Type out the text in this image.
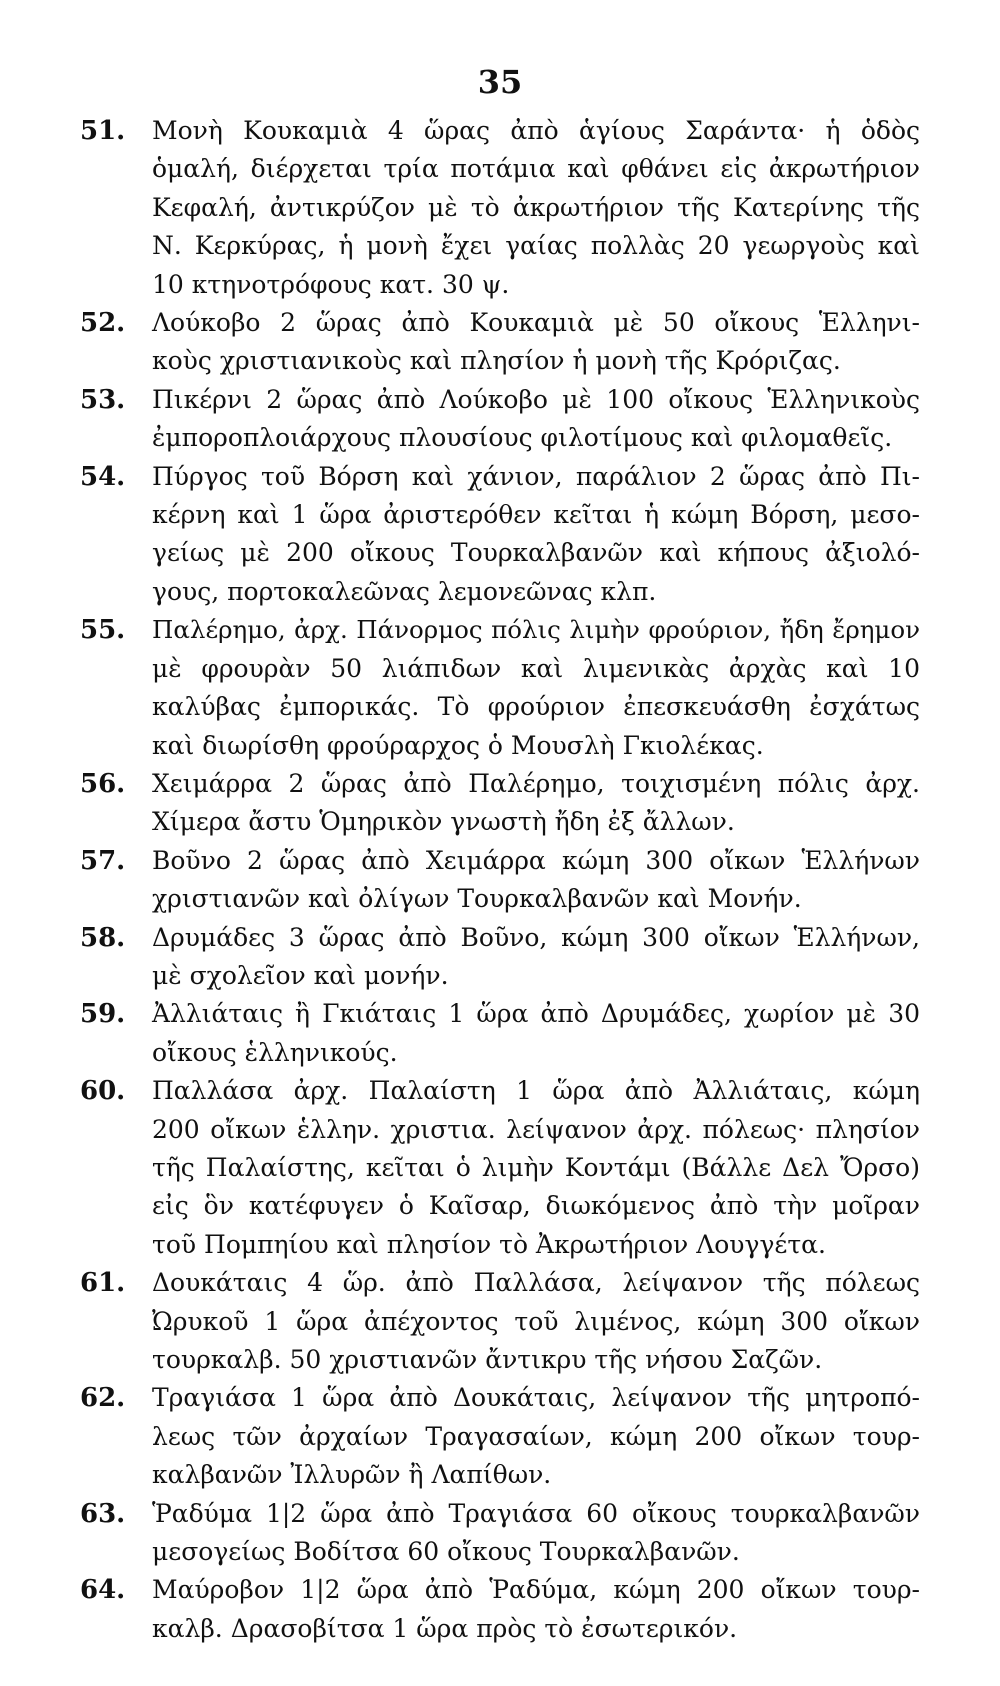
35
51.	Μονὴ Κουκαμιὰ 4 ὥρας ἀπὸ ἁγίους Σαράντα· ἡ ὁδὸς
ὁμαλή, διέρχεται τρία ποτάμια καὶ φθάνει εἰς ἀκρωτήριον
Κεφαλή, ἀντικρύζον μὲ τὸ ἀκρωτήριον τῆς Κατερίνης τῆς
Ν. Κερκύρας, ἡ μονὴ ἔχει γαίας πολλὰς 20 γεωργοὺς καὶ
10 κτηνοτρόφους κατ. 30 ψ.
52.	Λούκοβο 2 ὥρας ἀπὸ Κουκαμιὰ μὲ 50 οἴκους Ἑλληνι-
κοὺς χριστιανικοὺς καὶ πλησίον ἡ μονὴ τῆς Κρόριζας.
53.	Πικέρνι 2 ὥρας ἀπὸ Λούκοβο μὲ 100 οἴκους Ἑλληνικοὺς
ἐμποροπλοιάρχους πλουσίους φιλοτίμους καὶ φιλομαθεῖς.
54.	Πύργος τοῦ Βόρση καὶ χάνιον, παράλιον 2 ὥρας ἀπὸ Πι-
κέρνη καὶ 1 ὥρα ἀριστερόθεν κεῖται ἡ κώμη Βόρση, μεσο-
γείως μὲ 200 οἴκους Τουρκαλβανῶν καὶ κήπους ἀξιολό-
γους, πορτοκαλεῶνας λεμονεῶνας κλπ.
55.	Παλέρημο, ἀρχ. Πάνορμος πόλις λιμὴν φρούριον, ἤδη ἔρημον
μὲ φρουρὰν 50 λιάπιδων καὶ λιμενικὰς ἀρχὰς καὶ 10
καλύβας ἐμπορικάς. Τὸ φρούριον ἐπεσκευάσθη ἐσχάτως
καὶ διωρίσθη φρούραρχος ὁ Μουσλὴ Γκιολέκας.
56.	Χειμάρρα 2 ὥρας ἀπὸ Παλέρημο, τοιχισμένη πόλις ἀρχ.
Χίμερα ἄστυ Ὁμηρικὸν γνωστὴ ἤδη ἐξ ἄλλων.
57.	Βοῦνο 2 ὥρας ἀπὸ Χειμάρρα κώμη 300 οἴκων Ἑλλήνων
χριστιανῶν καὶ ὀλίγων Τουρκαλβανῶν καὶ Μονήν.
58.	Δρυμάδες 3 ὥρας ἀπὸ Βοῦνο, κώμη 300 οἴκων Ἑλλήνων,
μὲ σχολεῖον καὶ μονήν.
59.	Ἀλλιάταις ἢ Γκιάταις 1 ὥρα ἀπὸ Δρυμάδες, χωρίον μὲ 30
οἴκους ἑλληνικούς.
60.	Παλλάσα ἀρχ. Παλαίστη 1 ὥρα ἀπὸ Ἀλλιάταις, κώμη
200 οἴκων ἑλλην. χριστια. λείψανον ἀρχ. πόλεως· πλησίον
τῆς Παλαίστης, κεῖται ὁ λιμὴν Κοντάμι (Βάλλε Δελ Ὄρσο)
εἰς ὃν κατέφυγεν ὁ Καῖσαρ, διωκόμενος ἀπὸ τὴν μοῖραν
τοῦ Πομπηίου καὶ πλησίον τὸ Ἀκρωτήριον Λουγγέτα.
61.	Δουκάταις 4 ὥρ. ἀπὸ Παλλάσα, λείψανον τῆς πόλεως
Ὠρυκοῦ 1 ὥρα ἀπέχοντος τοῦ λιμένος, κώμη 300 οἴκων
τουρκαλβ. 50 χριστιανῶν ἄντικρυ τῆς νήσου Σαζῶν.
62.	Τραγιάσα 1 ὥρα ἀπὸ Δουκάταις, λείψανον τῆς μητροπό-
λεως τῶν ἀρχαίων Τραγασαίων, κώμη 200 οἴκων τουρ-
καλβανῶν Ἰλλυρῶν ἢ Λαπίθων.
63.	Ῥαδύμα 1|2 ὥρα ἀπὸ Τραγιάσα 60 οἴκους τουρκαλβανῶν
μεσογείως Βοδίτσα 60 οἴκους Τουρκαλβανῶν.
64.	Μαύροβον 1|2 ὥρα ἀπὸ Ῥαδύμα, κώμη 200 οἴκων τουρ-
καλβ. Δρασοβίτσα 1 ὥρα πρὸς τὸ ἐσωτερικόν.
